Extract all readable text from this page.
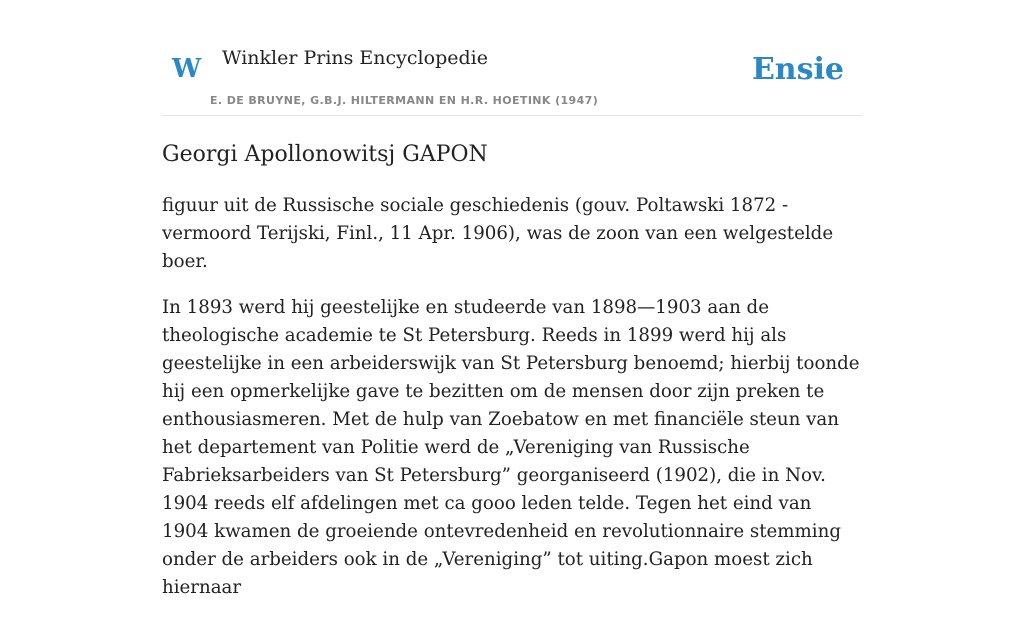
W Winkler Prins Encyclopedie
E. DE BRUYNE, G.B.J. HILTERMANN EN H.R. HOETINK (1947)
Ensie
Georgi Apollonowitsj GAPON

figuur uit de Russische sociale geschiedenis (gouv. Poltawski 1872 - vermoord Terijski, Finl., 11 Apr. 1906), was de zoon van een welgestelde boer.

In 1893 werd hij geestelijke en studeerde van 1898—1903 aan de theologische academie te St Petersburg. Reeds in 1899 werd hij als geestelijke in een arbeiderswijk van St Petersburg benoemd; hierbij toonde hij een opmerkelijke gave te bezitten om de mensen door zijn preken te enthousiasmeren. Met de hulp van Zoebatow en met financiële steun van het departement van Politie werd de „Vereniging van Russische Fabrieksarbeiders van St Petersburg” georganiseerd (1902), die in Nov. 1904 reeds elf afdelingen met ca gooo leden telde. Tegen het eind van 1904 kwamen de groeiende ontevredenheid en revolutionnaire stemming onder de arbeiders ook in de „Vereniging” tot uiting.Gapon moest zich hiernaar
